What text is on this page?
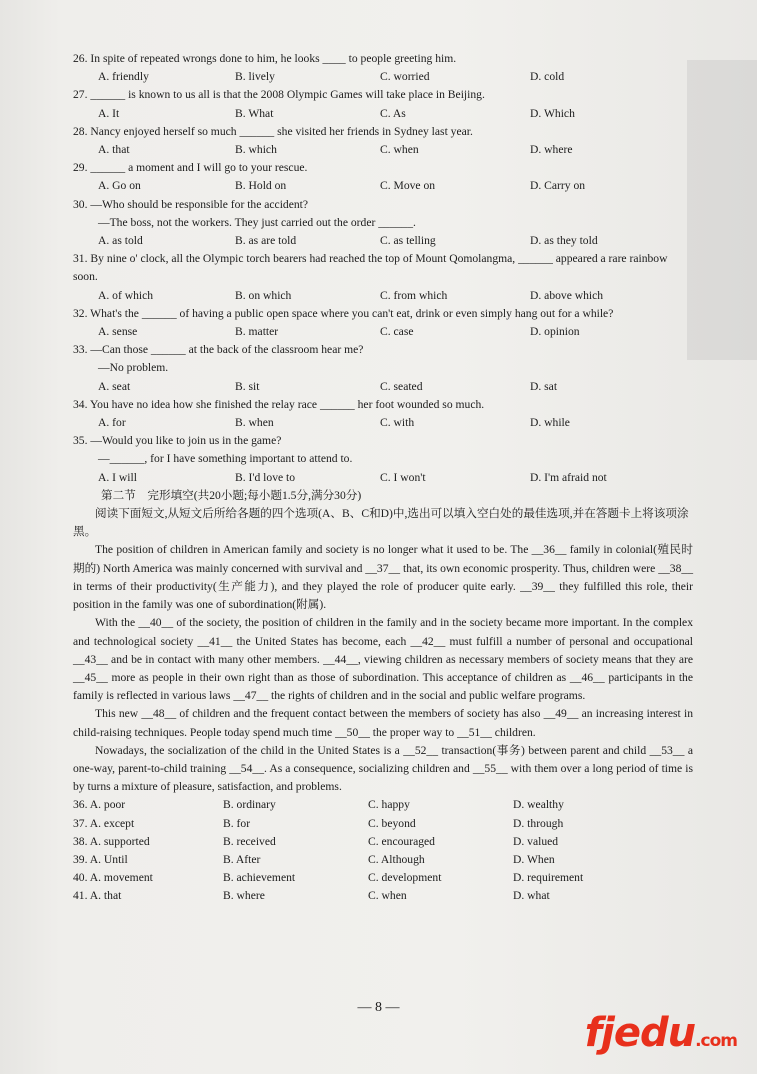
26. In spite of repeated wrongs done to him, he looks ____ to people greeting him.
A. friendly	B. lively	C. worried	D. cold
27. ______ is known to us all is that the 2008 Olympic Games will take place in Beijing.
A. It	B. What	C. As	D. Which
28. Nancy enjoyed herself so much ______ she visited her friends in Sydney last year.
A. that	B. which	C. when	D. where
29. ______ a moment and I will go to your rescue.
A. Go on	B. Hold on	C. Move on	D. Carry on
30. —Who should be responsible for the accident?
—The boss, not the workers. They just carried out the order ______.
A. as told	B. as are told	C. as telling	D. as they told
31. By nine o' clock, all the Olympic torch bearers had reached the top of Mount Qomolangma, ______ appeared a rare rainbow soon.
A. of which	B. on which	C. from which	D. above which
32. What's the ______ of having a public open space where you can't eat, drink or even simply hang out for a while?
A. sense	B. matter	C. case	D. opinion
33. —Can those ______ at the back of the classroom hear me?
—No problem.
A. seat	B. sit	C. seated	D. sat
34. You have no idea how she finished the relay race ______ her foot wounded so much.
A. for	B. when	C. with	D. while
35. —Would you like to join us in the game?
—______, for I have something important to attend to.
A. I will	B. I'd love to	C. I won't	D. I'm afraid not
第二节　完形填空(共20小题;每小题1.5分,满分30分)
阅读下面短文,从短文后所给各题的四个选项(A、B、C和D)中,选出可以填入空白处的最佳选项,并在答题卡上将该项涂黑。
The position of children in American family and society is no longer what it used to be. The __36__ family in colonial(殖民时期的) North America was mainly concerned with survival and __37__ that, its own economic prosperity. Thus, children were __38__ in terms of their productivity(生产能力), and they played the role of producer quite early. __39__ they fulfilled this role, their position in the family was one of subordination(附属).
With the __40__ of the society, the position of children in the family and in the society became more important. In the complex and technological society __41__ the United States has become, each __42__ must fulfill a number of personal and occupational __43__ and be in contact with many other members. __44__, viewing children as necessary members of society means that they are __45__ more as people in their own right than as those of subordination. This acceptance of children as __46__ participants in the family is reflected in various laws __47__ the rights of children and in the social and public welfare programs.
This new __48__ of children and the frequent contact between the members of society has also __49__ an increasing interest in child-raising techniques. People today spend much time __50__ the proper way to __51__ children.
Nowadays, the socialization of the child in the United States is a __52__ transaction(事务) between parent and child __53__ a one-way, parent-to-child training __54__. As a consequence, socializing children and __55__ with them over a long period of time is by turns a mixture of pleasure, satisfaction, and problems.
36. A. poor	B. ordinary	C. happy	D. wealthy
37. A. except	B. for	C. beyond	D. through
38. A. supported	B. received	C. encouraged	D. valued
39. A. Until	B. After	C. Although	D. When
40. A. movement	B. achievement	C. development	D. requirement
41. A. that	B. where	C. when	D. what
— 8 —
fjedu.com
